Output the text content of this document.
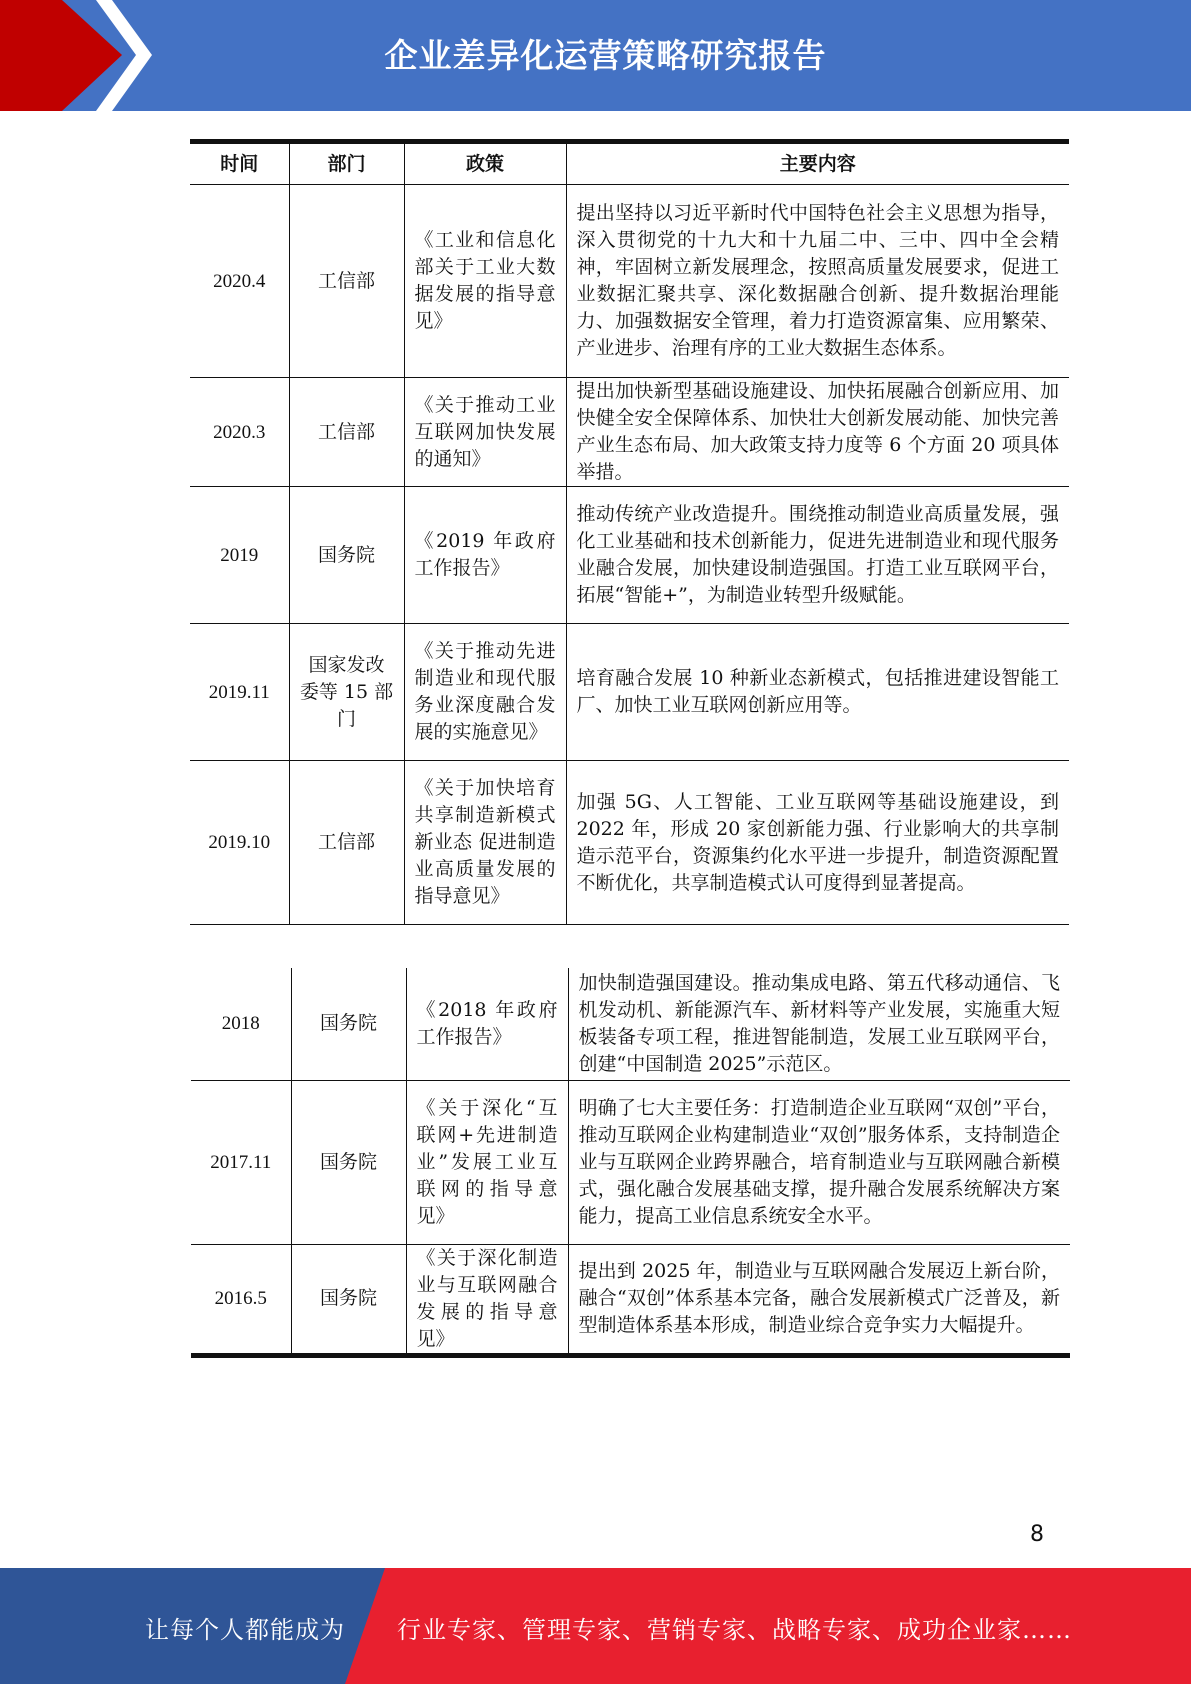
企业差异化运营策略研究报告
时间	部门	政策	主要内容
2020.4	工信部	《工业和信息化部关于工业大数据发展的指导意见》	提出坚持以习近平新时代中国特色社会主义思想为指导，深入贯彻党的十九大和十九届二中、三中、四中全会精神，牢固树立新发展理念，按照高质量发展要求，促进工业数据汇聚共享、深化数据融合创新、提升数据治理能力、加强数据安全管理，着力打造资源富集、应用繁荣、产业进步、治理有序的工业大数据生态体系。
2020.3	工信部	《关于推动工业互联网加快发展的通知》	提出加快新型基础设施建设、加快拓展融合创新应用、加快健全安全保障体系、加快壮大创新发展动能、加快完善产业生态布局、加大政策支持力度等 6 个方面 20 项具体举措。
2019	国务院	《2019 年政府工作报告》	推动传统产业改造提升。围绕推动制造业高质量发展，强化工业基础和技术创新能力，促进先进制造业和现代服务业融合发展，加快建设制造强国。打造工业互联网平台，拓展“智能+”，为制造业转型升级赋能。
2019.11	国家发改委等 15 部门	《关于推动先进制造业和现代服务业深度融合发展的实施意见》	培育融合发展 10 种新业态新模式，包括推进建设智能工厂、加快工业互联网创新应用等。
2019.10	工信部	《关于加快培育共享制造新模式新业态 促进制造业高质量发展的指导意见》	加强 5G、人工智能、工业互联网等基础设施建设，到 2022 年，形成 20 家创新能力强、行业影响大的共享制造示范平台，资源集约化水平进一步提升，制造资源配置不断优化，共享制造模式认可度得到显著提高。
2018	国务院	《2018 年政府工作报告》	加快制造强国建设。推动集成电路、第五代移动通信、飞机发动机、新能源汽车、新材料等产业发展，实施重大短板装备专项工程，推进智能制造，发展工业互联网平台，创建“中国制造 2025”示范区。
2017.11	国务院	《关于深化“互联网+先进制造业”发展工业互联网的指导意见》	明确了七大主要任务：打造制造企业互联网“双创”平台，推动互联网企业构建制造业“双创”服务体系，支持制造企业与互联网企业跨界融合，培育制造业与互联网融合新模式，强化融合发展基础支撑，提升融合发展系统解决方案能力，提高工业信息系统安全水平。
2016.5	国务院	《关于深化制造业与互联网融合发展的指导意见》	提出到 2025 年，制造业与互联网融合发展迈上新台阶，融合“双创”体系基本完备，融合发展新模式广泛普及，新型制造体系基本形成，制造业综合竞争实力大幅提升。
8
让每个人都能成为 行业专家、管理专家、营销专家、战略专家、成功企业家……
